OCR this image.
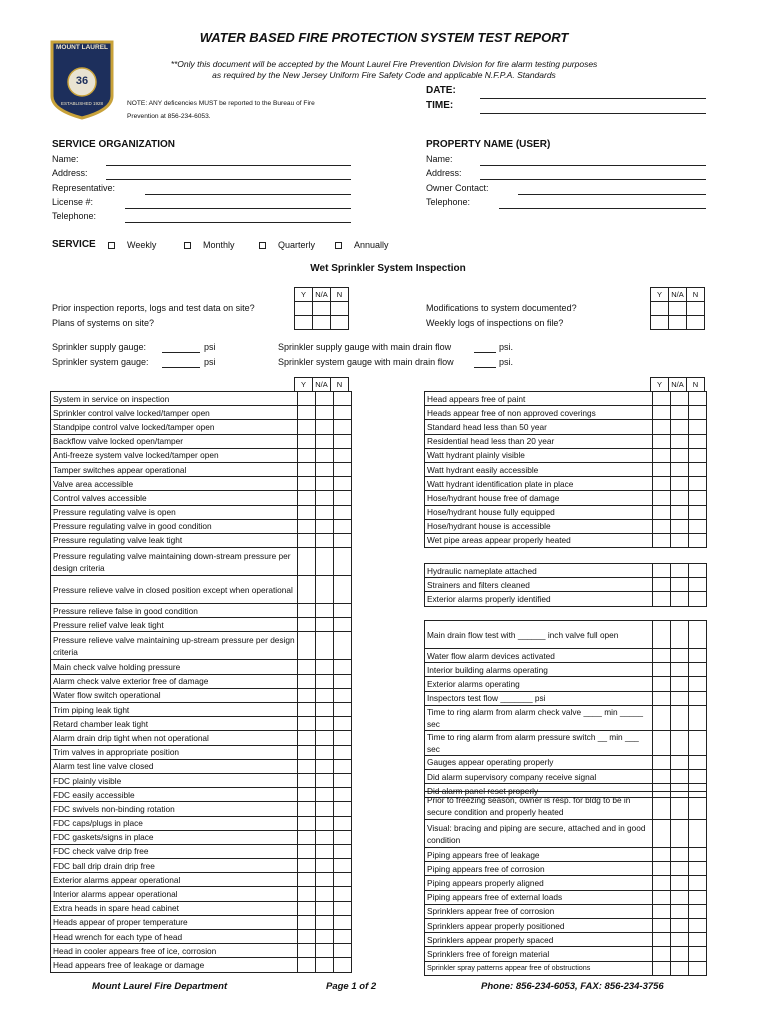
MOUNT LAUREL
36
ESTABLISHED 1928
WATER BASED FIRE PROTECTION SYSTEM TEST REPORT
**Only this document will be accepted by the Mount Laurel Fire Prevention Division for fire alarm testing purposes
as required by the New Jersey Uniform Fire Safety Code and applicable N.F.P.A. Standards
NOTE: ANY deficencies MUST be reported to the Bureau of Fire
Prevention at 856-234-6053.
DATE:
TIME:
SERVICE ORGANIZATION
Name:
Address:
Representative:
License #:
Telephone:
PROPERTY NAME (USER)
Name:
Address:
Owner Contact:
Telephone:
SERVICE	Weekly	Monthly	Quarterly	Annually
Wet Sprinkler System Inspection
Y	N/A	N

Prior inspection reports, logs and test data on site?
Plans of systems on site?
Y	N/A	N

Modifications to system documented?
Weekly logs of inspections on file?
Sprinkler supply gauge:	psi
Sprinkler system gauge:	psi
Sprinkler supply gauge with main drain flow	psi.
Sprinkler system gauge with main drain flow	psi.
Y	N/A	N
System in service on inspection			
Sprinkler control valve locked/tamper open			
Standpipe control valve locked/tamper open			
Backflow valve locked open/tamper			
Anti-freeze system valve locked/tamper open			
Tamper switches appear operational			
Valve area accessible			
Control valves accessible			
Pressure regulating valve is open			
Pressure regulating valve in good condition			
Pressure regulating valve leak tight			
Pressure regulating valve maintaining down-stream pressure per design criteria			
Pressure relieve valve in closed position except when operational			
Pressure relieve false in good condition			
Pressure relief valve leak tight			
Pressure relieve valve maintaining up-stream pressure per design criteria			
Main check valve holding pressure			
Alarm check valve exterior free of damage			
Water flow switch operational			
Trim piping leak tight			
Retard chamber leak tight			
Alarm drain drip tight when not operational			
Trim valves in appropriate position			
Alarm test line valve closed			
FDC plainly visible			
FDC easily accessible			
FDC swivels non-binding rotation			
FDC caps/plugs in place			
FDC gaskets/signs in place			
FDC check valve drip free			
FDC ball drip drain drip free			
Exterior alarms appear operational			
Interior alarms appear operational			
Extra heads in spare head cabinet			
Heads appear of proper temperature			
Head wrench for each type of head			
Head in cooler appears free of ice, corrosion			
Head appears free of leakage or damage			
Y	N/A	N
Head appears free of paint			
Heads appear free of non approved coverings			
Standard head less than 50 year			
Residential head less than 20 year			
Watt hydrant plainly visible			
Watt hydrant easily accessible			
Watt hydrant identification plate in place			
Hose/hydrant house free of damage			
Hose/hydrant house fully equipped			
Hose/hydrant house is accessible			
Wet pipe areas appear properly heated			
Hydraulic nameplate attached			
Strainers and filters cleaned			
Exterior alarms properly identified			
Main drain flow test with ______ inch valve full open			
Water flow alarm devices activated			
Interior building alarms operating			
Exterior alarms operating			
Inspectors test flow _______ psi			
Time to ring alarm from alarm check valve ____ min _____ sec			
Time to ring alarm from alarm pressure switch __ min ___ sec			
Gauges appear operating properly			
Did alarm supervisory company receive signal			
Did alarm panel reset properly			
Prior to freezing season, owner is resp. for bldg to be in secure condition and properly heated			
Visual: bracing and piping are secure, attached and in good condition			
Piping appears free of leakage			
Piping appears free of corrosion			
Piping appears properly aligned			
Piping appears free of external loads			
Sprinklers appear free of corrosion			
Sprinklers appear properly positioned			
Sprinklers appear properly spaced			
Sprinklers free of foreign material			
Sprinkler spray patterns appear free of obstructions			
Mount Laurel Fire Department	Page 1 of 2	Phone: 856-234-6053, FAX: 856-234-3756
